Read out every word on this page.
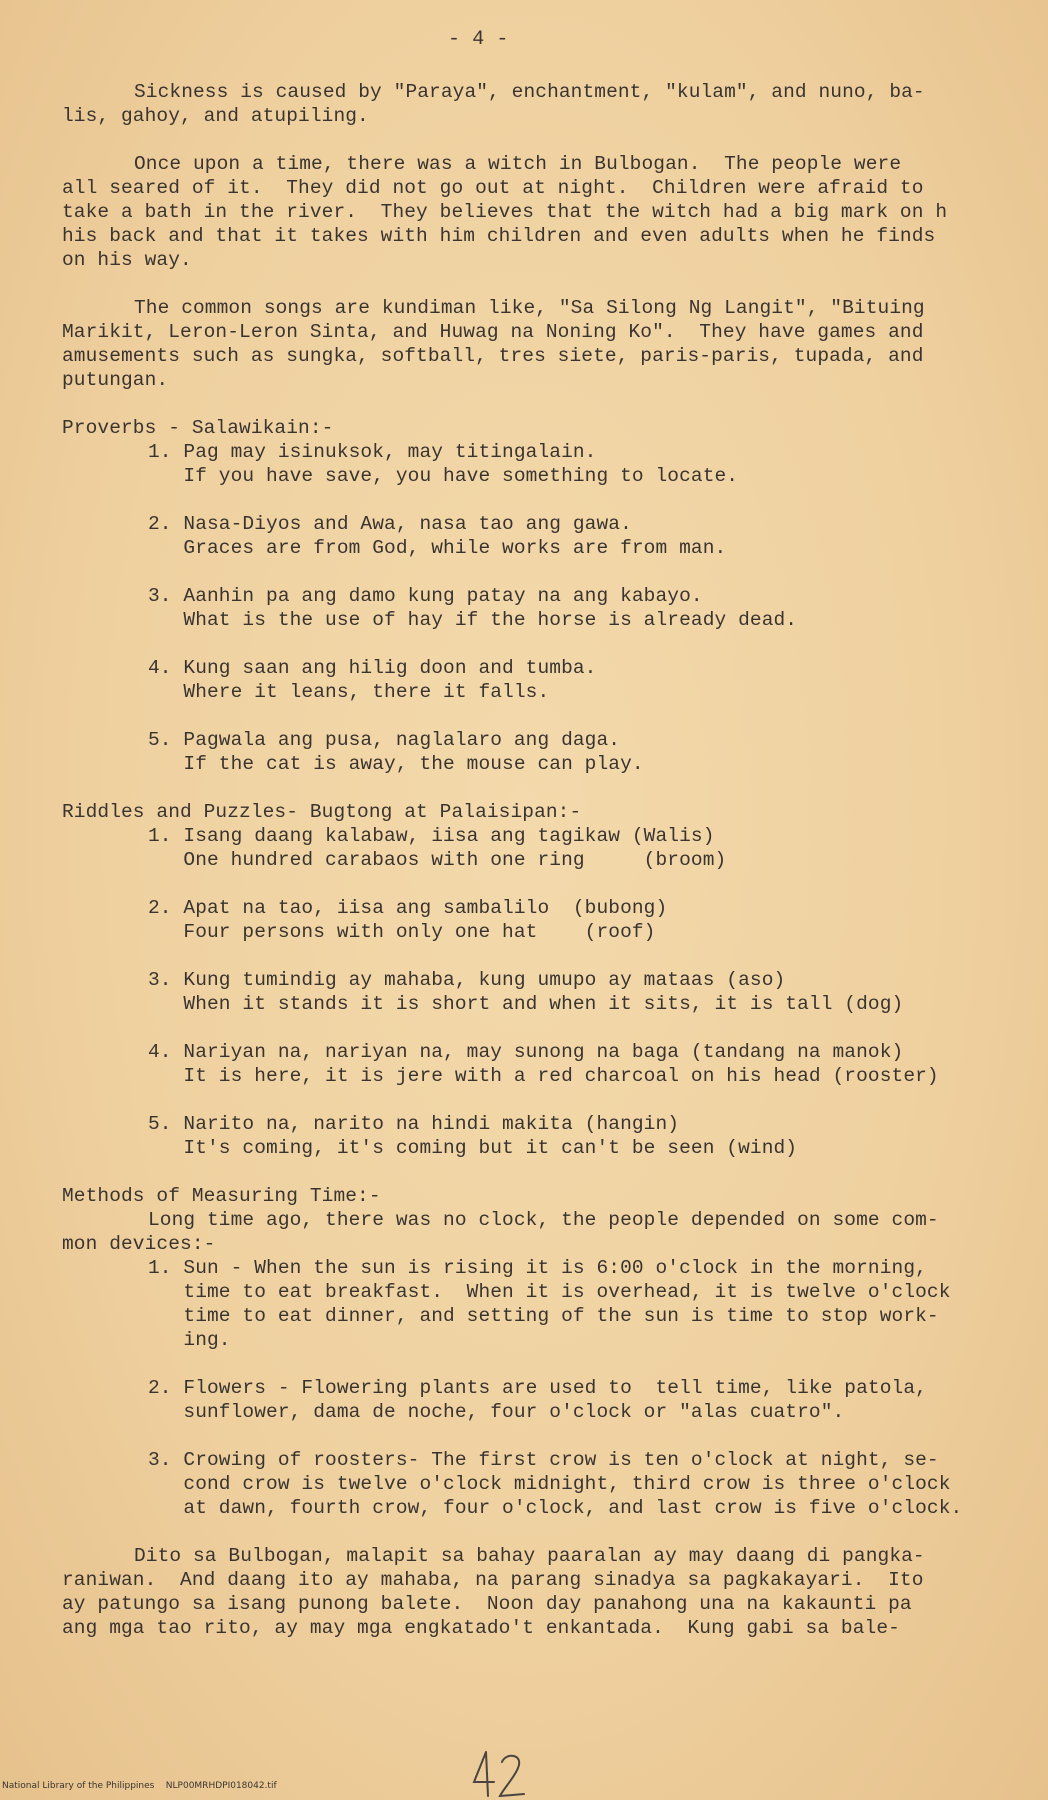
- 4 -
Sickness is caused by "Paraya", enchantment, "kulam", and nuno, ba-
lis, gahoy, and atupiling.
Once upon a time, there was a witch in Bulbogan.  The people were
all seared of it.  They did not go out at night.  Children were afraid to
take a bath in the river.  They believes that the witch had a big mark on h
his back and that it takes with him children and even adults when he finds
on his way.
The common songs are kundiman like, "Sa Silong Ng Langit", "Bituing
Marikit, Leron-Leron Sinta, and Huwag na Noning Ko".  They have games and
amusements such as sungka, softball, tres siete, paris-paris, tupada, and
putungan.
Proverbs - Salawikain:-
1. Pag may isinuksok, may titingalain.
If you have save, you have something to locate.
2. Nasa-Diyos and Awa, nasa tao ang gawa.
Graces are from God, while works are from man.
3. Aanhin pa ang damo kung patay na ang kabayo.
What is the use of hay if the horse is already dead.
4. Kung saan ang hilig doon and tumba.
Where it leans, there it falls.
5. Pagwala ang pusa, naglalaro ang daga.
If the cat is away, the mouse can play.
Riddles and Puzzles- Bugtong at Palaisipan:-
1. Isang daang kalabaw, iisa ang tagikaw (Walis)
One hundred carabaos with one ring     (broom)
2. Apat na tao, iisa ang sambalilo  (bubong)
Four persons with only one hat    (roof)
3. Kung tumindig ay mahaba, kung umupo ay mataas (aso)
When it stands it is short and when it sits, it is tall (dog)
4. Nariyan na, nariyan na, may sunong na baga (tandang na manok)
It is here, it is jere with a red charcoal on his head (rooster)
5. Narito na, narito na hindi makita (hangin)
It's coming, it's coming but it can't be seen (wind)
Methods of Measuring Time:-
Long time ago, there was no clock, the people depended on some com-
mon devices:-
1. Sun - When the sun is rising it is 6:00 o'clock in the morning,
time to eat breakfast.  When it is overhead, it is twelve o'clock
time to eat dinner, and setting of the sun is time to stop work-
ing.
2. Flowers - Flowering plants are used to  tell time, like patola,
sunflower, dama de noche, four o'clock or "alas cuatro".
3. Crowing of roosters- The first crow is ten o'clock at night, se-
cond crow is twelve o'clock midnight, third crow is three o'clock
at dawn, fourth crow, four o'clock, and last crow is five o'clock.
Dito sa Bulbogan, malapit sa bahay paaralan ay may daang di pangka-
raniwan.  And daang ito ay mahaba, na parang sinadya sa pagkakayari.  Ito
ay patungo sa isang punong balete.  Noon day panahong una na kakaunti pa
ang mga tao rito, ay may mga engkatado't enkantada.  Kung gabi sa bale-
National Library of the Philippines    NLP00MRHDPI018042.tif
